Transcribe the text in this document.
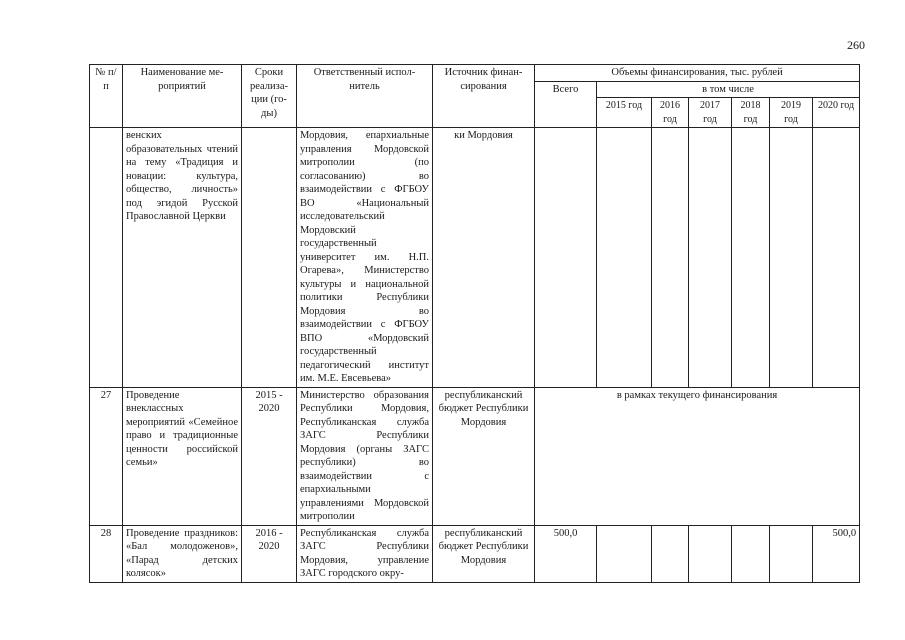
260
№ п/п	Наименование ме-роприятий	Сроки реализа-ции (го-ды)	Ответственный испол-нитель	Источник финан-сирования	Объемы финансирования, тыс. рублей						
					Всего	в том числе					
						2015 год	2016 год	2017 год	2018 год	2019 год	2020 год
	венских образовательных чтений на тему «Традиция и новации: культура, общество, личность» под эгидой Русской Православной Церкви		Мордовия, епархиальные управления Мордовской митрополии (по согласованию) во взаимодействии с ФГБОУ ВО «Национальный исследовательский Мордовский государственный университет им. Н.П. Огарева», Министерство культуры и национальной политики Республики Мордовия во взаимодействии с ФГБОУ ВПО «Мордовский государственный педагогический институт им. М.Е. Евсевьева»	ки Мордовия							
27	Проведение внеклассных мероприятий «Семейное право и традиционные ценности российской семьи»	2015 - 2020	Министерство образования Республики Мордовия, Республиканская служба ЗАГС Республики Мордовия (органы ЗАГС республики) во взаимодействии с епархиальными управлениями Мордовской митрополии	республиканский бюджет Республики Мордовия	в рамках текущего финансирования						
28	Проведение праздников: «Бал молодоженов», «Парад детских колясок»	2016 - 2020	Республиканская служба ЗАГС Республики Мордовия, управление ЗАГС городского окру-	республиканский бюджет Республики Мордовия	500,0						500,0
